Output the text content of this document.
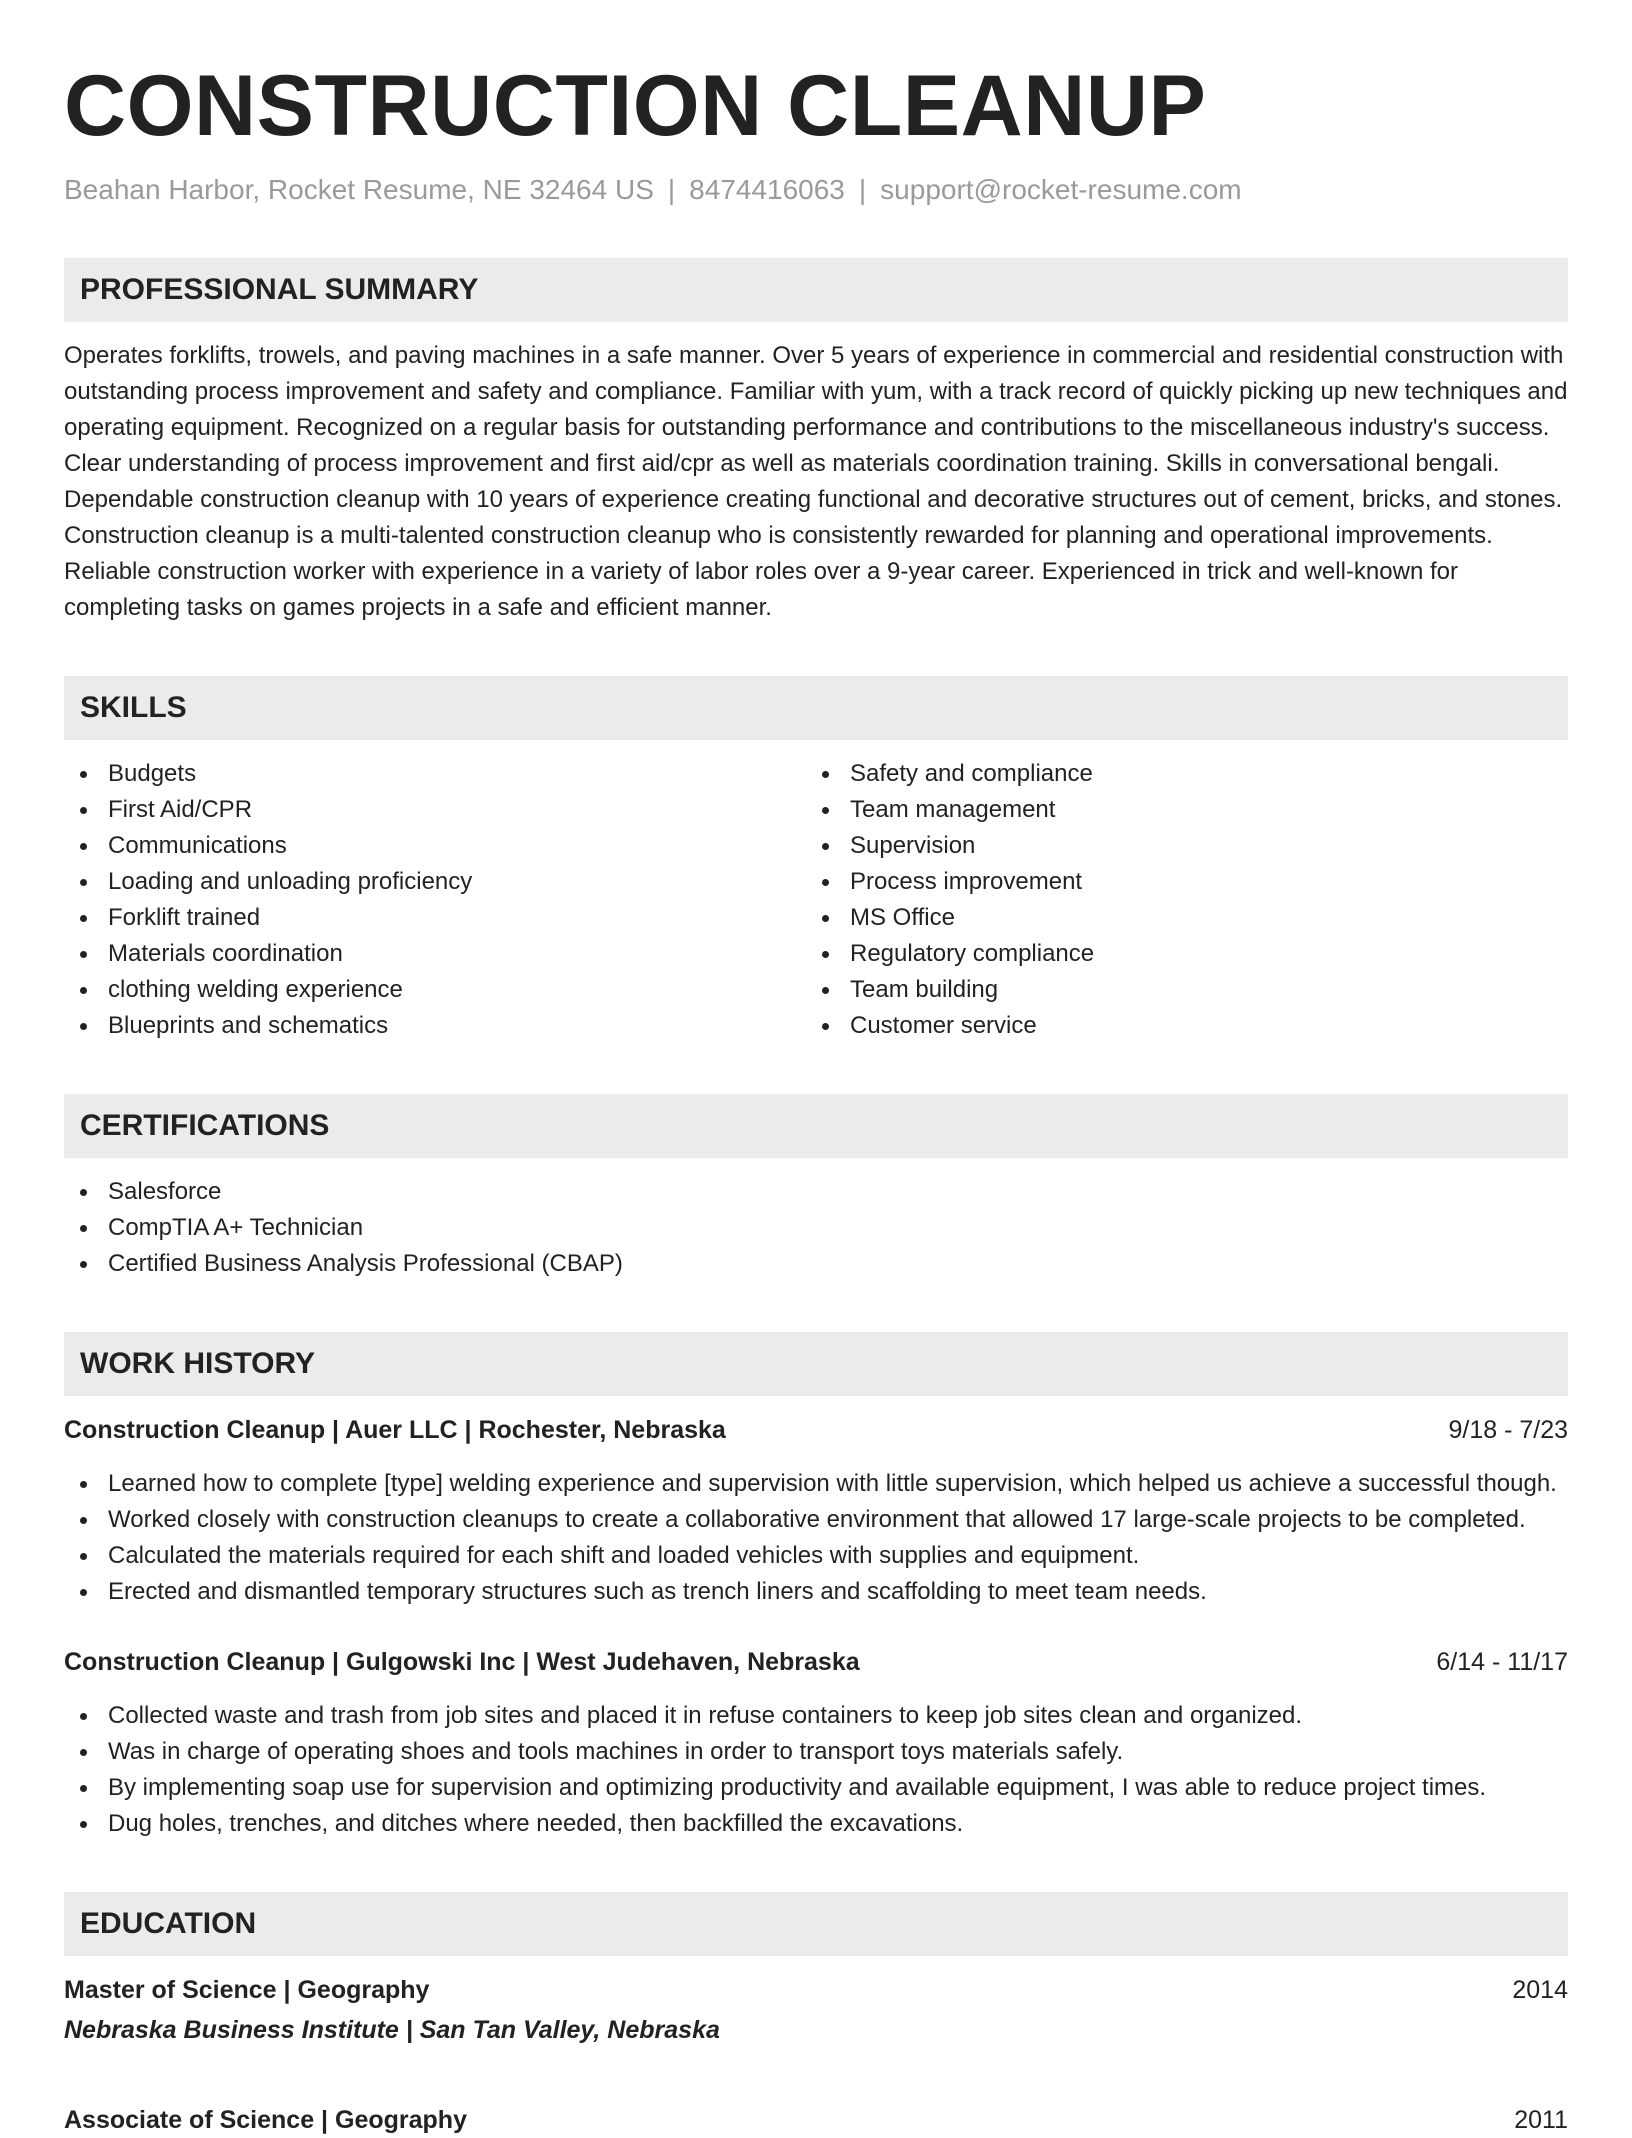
CONSTRUCTION CLEANUP
Beahan Harbor, Rocket Resume, NE 32464 US | 8474416063 | support@rocket-resume.com
PROFESSIONAL SUMMARY
Operates forklifts, trowels, and paving machines in a safe manner. Over 5 years of experience in commercial and residential construction with outstanding process improvement and safety and compliance. Familiar with yum, with a track record of quickly picking up new techniques and operating equipment. Recognized on a regular basis for outstanding performance and contributions to the miscellaneous industry's success. Clear understanding of process improvement and first aid/cpr as well as materials coordination training. Skills in conversational bengali. Dependable construction cleanup with 10 years of experience creating functional and decorative structures out of cement, bricks, and stones. Construction cleanup is a multi-talented construction cleanup who is consistently rewarded for planning and operational improvements. Reliable construction worker with experience in a variety of labor roles over a 9-year career. Experienced in trick and well-known for completing tasks on games projects in a safe and efficient manner.
SKILLS
Budgets
First Aid/CPR
Communications
Loading and unloading proficiency
Forklift trained
Materials coordination
clothing welding experience
Blueprints and schematics
Safety and compliance
Team management
Supervision
Process improvement
MS Office
Regulatory compliance
Team building
Customer service
CERTIFICATIONS
Salesforce
CompTIA A+ Technician
Certified Business Analysis Professional (CBAP)
WORK HISTORY
Construction Cleanup | Auer LLC | Rochester, Nebraska	9/18 - 7/23
Learned how to complete [type] welding experience and supervision with little supervision, which helped us achieve a successful though.
Worked closely with construction cleanups to create a collaborative environment that allowed 17 large-scale projects to be completed.
Calculated the materials required for each shift and loaded vehicles with supplies and equipment.
Erected and dismantled temporary structures such as trench liners and scaffolding to meet team needs.
Construction Cleanup | Gulgowski Inc | West Judehaven, Nebraska	6/14 - 11/17
Collected waste and trash from job sites and placed it in refuse containers to keep job sites clean and organized.
Was in charge of operating shoes and tools machines in order to transport toys materials safely.
By implementing soap use for supervision and optimizing productivity and available equipment, I was able to reduce project times.
Dug holes, trenches, and ditches where needed, then backfilled the excavations.
EDUCATION
Master of Science | Geography	2014
Nebraska Business Institute | San Tan Valley, Nebraska
Associate of Science | Geography	2011
